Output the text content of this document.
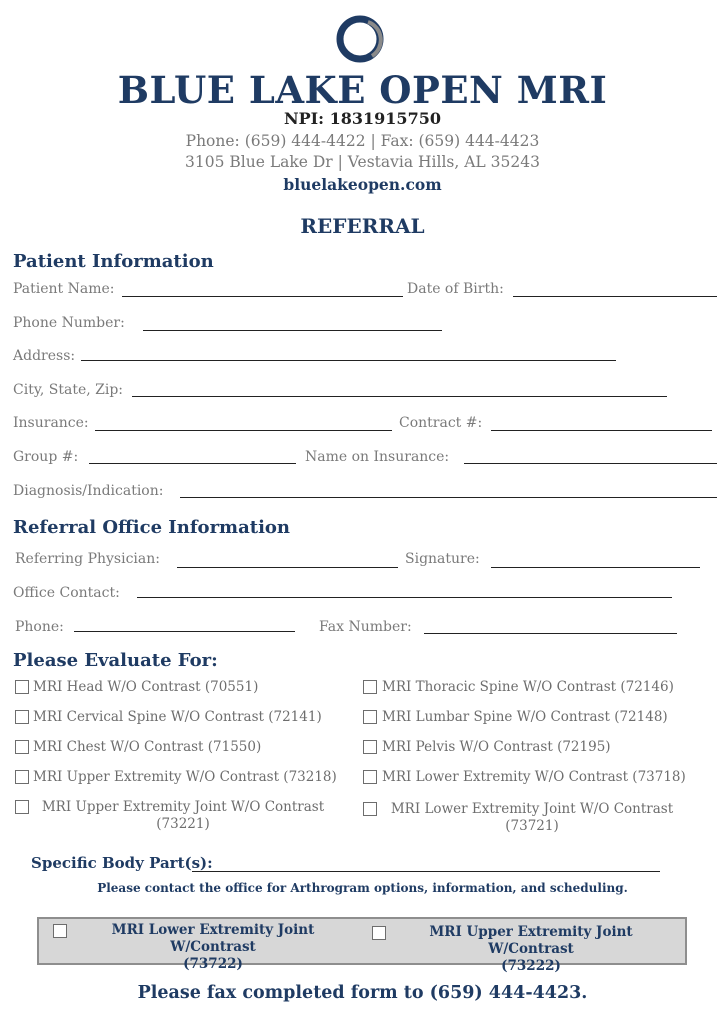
BLUE LAKE OPEN MRI
NPI: 1831915750
Phone: (659) 444-4422 | Fax: (659) 444-4423
3105 Blue Lake Dr | Vestavia Hills, AL 35243
bluelakeopen.com
REFERRAL
Patient Information
Patient Name:	Date of Birth:
Phone Number:
Address:
City, State, Zip:
Insurance:	Contract #:
Group #:	Name on Insurance:
Diagnosis/Indication:
Referral Office Information
Referring Physician:	Signature:
Office Contact:
Phone:	Fax Number:
Please Evaluate For:
MRI Head W/O Contrast (70551)
MRI Cervical Spine W/O Contrast (72141)
MRI Chest W/O Contrast (71550)
MRI Upper Extremity W/O Contrast (73218)
MRI Upper Extremity Joint W/O Contrast
(73221)
MRI Thoracic Spine W/O Contrast (72146)
MRI Lumbar Spine W/O Contrast (72148)
MRI Pelvis W/O Contrast (72195)
MRI Lower Extremity W/O Contrast (73718)
MRI Lower Extremity Joint W/O Contrast
(73721)
Specific Body Part(s):
Please contact the office for Arthrogram options, information, and scheduling.
MRI Lower Extremity Joint W/Contrast
(73722)
MRI Upper Extremity Joint W/Contrast
(73222)
Please fax completed form to (659) 444-4423.
